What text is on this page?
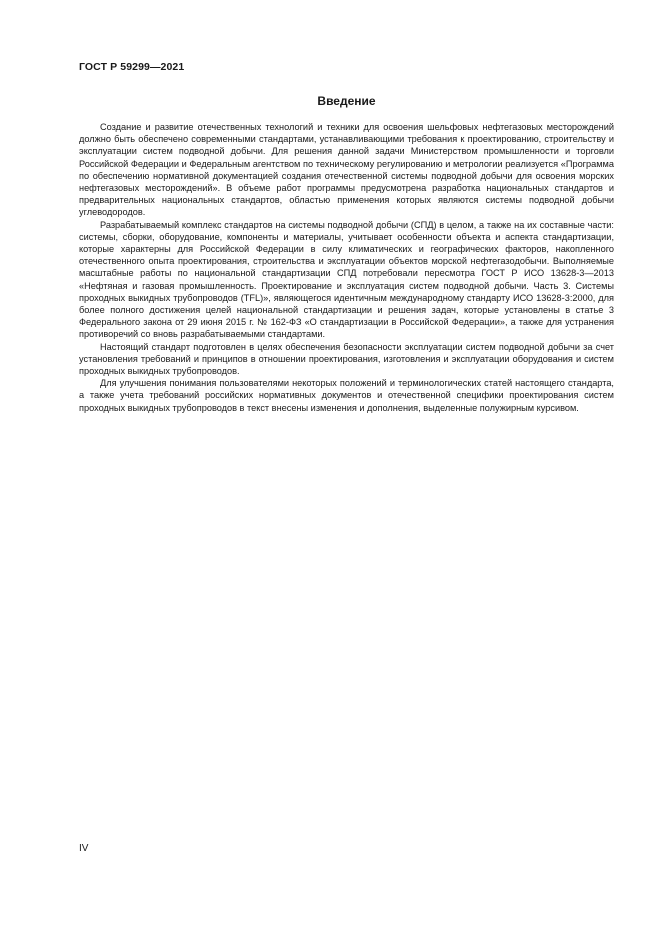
ГОСТ Р 59299—2021
Введение

Создание и развитие отечественных технологий и техники для освоения шельфовых нефтегазовых месторождений должно быть обеспечено современными стандартами, устанавливающими требования к проектированию, строительству и эксплуатации систем подводной добычи. Для решения данной задачи Министерством промышленности и торговли Российской Федерации и Федеральным агентством по техническому регулированию и метрологии реализуется «Программа по обеспечению нормативной документацией создания отечественной системы подводной добычи для освоения морских нефтегазовых месторождений». В объеме работ программы предусмотрена разработка национальных стандартов и предварительных национальных стандартов, областью применения которых являются системы подводной добычи углеводородов.

Разрабатываемый комплекс стандартов на системы подводной добычи (СПД) в целом, а также на их составные части: системы, сборки, оборудование, компоненты и материалы, учитывает особенности объекта и аспекта стандартизации, которые характерны для Российской Федерации в силу климатических и географических факторов, накопленного отечественного опыта проектирования, строительства и эксплуатации объектов морской нефтегазодобычи. Выполняемые масштабные работы по национальной стандартизации СПД потребовали пересмотра ГОСТ Р ИСО 13628-3—2013 «Нефтяная и газовая промышленность. Проектирование и эксплуатация систем подводной добычи. Часть 3. Системы проходных выкидных трубопроводов (TFL)», являющегося идентичным международному стандарту ИСО 13628-3:2000, для более полного достижения целей национальной стандартизации и решения задач, которые установлены в статье 3 Федерального закона от 29 июня 2015 г. № 162-ФЗ «О стандартизации в Российской Федерации», а также для устранения противоречий со вновь разрабатываемыми стандартами.

Настоящий стандарт подготовлен в целях обеспечения безопасности эксплуатации систем подводной добычи за счет установления требований и принципов в отношении проектирования, изготовления и эксплуатации оборудования и систем проходных выкидных трубопроводов.

Для улучшения понимания пользователями некоторых положений и терминологических статей настоящего стандарта, а также учета требований российских нормативных документов и отечественной специфики проектирования систем проходных выкидных трубопроводов в текст внесены изменения и дополнения, выделенные полужирным курсивом.

IV
